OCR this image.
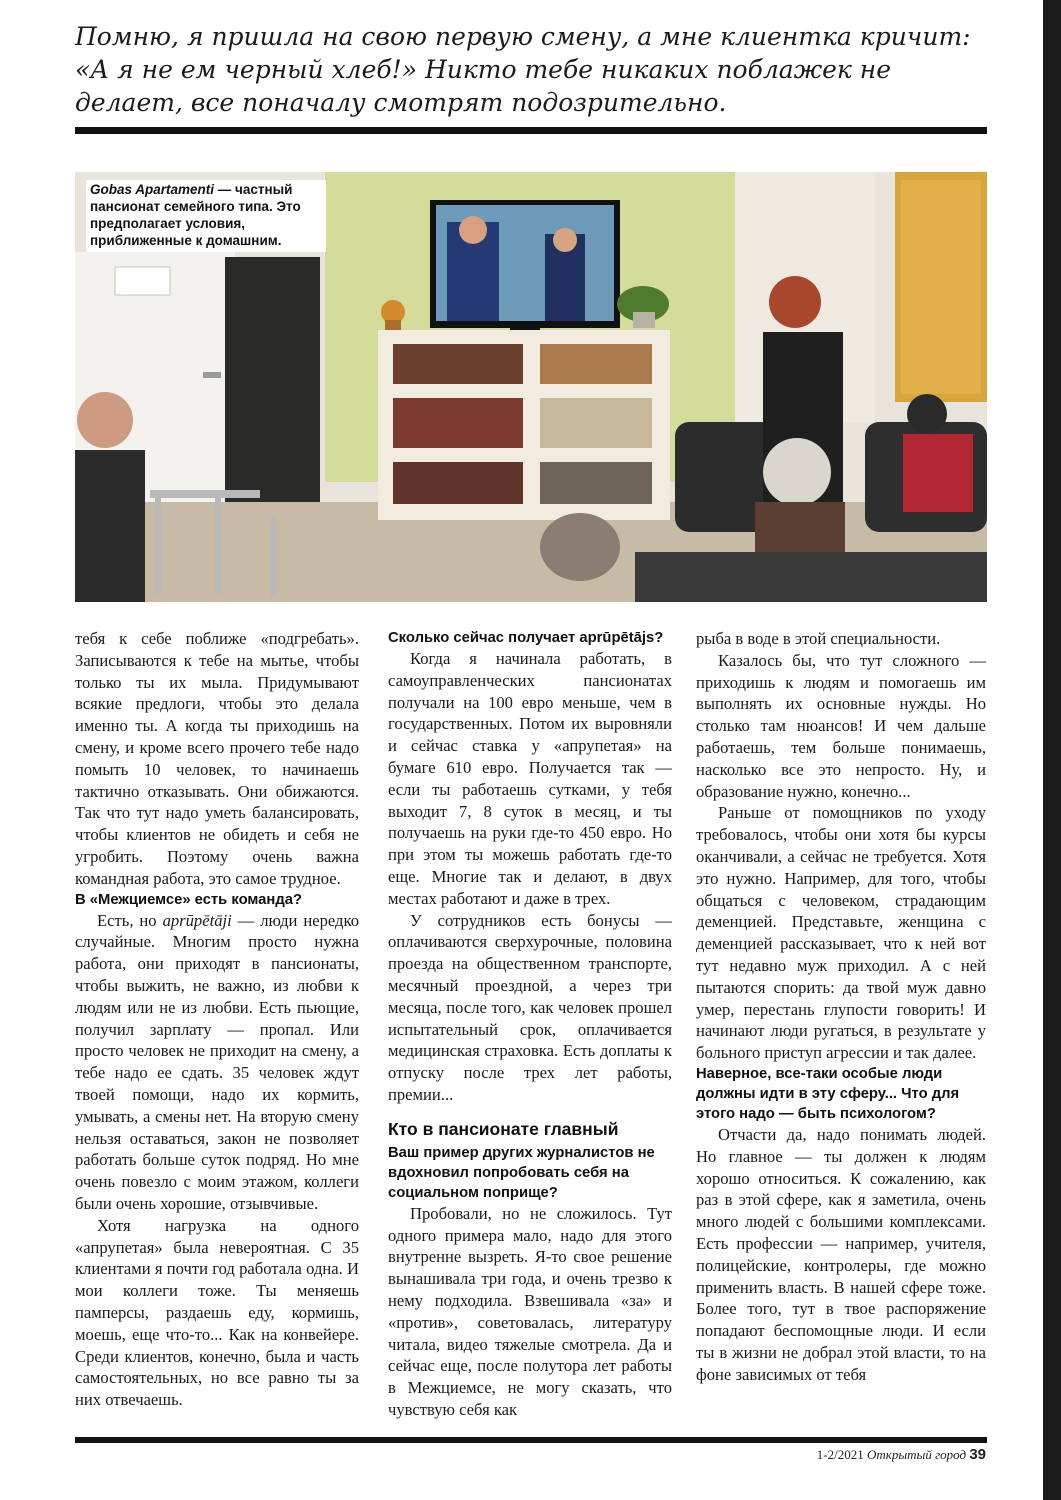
Помню, я пришла на свою первую смену, а мне клиентка кричит: «А я не ем черный хлеб!» Никто тебе никаких поблажек не делает, все поначалу смотрят подозрительно.
Gobas Apartamenti — частный пансионат семейного типа. Это предполагает условия, приближенные к домашним.

тебя к себе поближе «подгребать». Записываются к тебе на мытье, чтобы только ты их мыла. Придумывают всякие предлоги, чтобы это делала именно ты. А когда ты приходишь на смену, и кроме всего прочего тебе надо помыть 10 человек, то начинаешь тактично отказывать. Они обижаются. Так что тут надо уметь балансировать, чтобы клиентов не обидеть и себя не угробить. Поэтому очень важна командная работа, это самое трудное.

В «Межциемсе» есть команда?

Есть, но aprūpētāji — люди нередко случайные. Многим просто нужна работа, они приходят в пансионаты, чтобы выжить, не важно, из любви к людям или не из любви. Есть пьющие, получил зарплату — пропал. Или просто человек не приходит на смену, а тебе надо ее сдать. 35 человек ждут твоей помощи, надо их кормить, умывать, а смены нет. На вторую смену нельзя оставаться, закон не позволяет работать больше суток подряд. Но мне очень повезло с моим этажом, коллеги были очень хорошие, отзывчивые.

Хотя нагрузка на одного «апрупетая» была невероятная. С 35 клиентами я почти год работала одна. И мои коллеги тоже. Ты меняешь памперсы, раздаешь еду, кормишь, моешь, еще что-то... Как на конвейере. Среди клиентов, конечно, была и часть самостоятельных, но все равно ты за них отвечаешь.

Сколько сейчас получает aprūpētājs?

Когда я начинала работать, в самоуправленческих пансионатах получали на 100 евро меньше, чем в государственных. Потом их выровняли и сейчас ставка у «апрупетая» на бумаге 610 евро. Получается так — если ты работаешь сутками, у тебя выходит 7, 8 суток в месяц, и ты получаешь на руки где-то 450 евро. Но при этом ты можешь работать где-то еще. Многие так и делают, в двух местах работают и даже в трех.

У сотрудников есть бонусы — оплачиваются сверхурочные, половина проезда на общественном транспорте, месячный проездной, а через три месяца, после того, как человек прошел испытательный срок, оплачивается медицинская страховка. Есть доплаты к отпуску после трех лет работы, премии...

Кто в пансионате главный
Ваш пример других журналистов не вдохновил попробовать себя на социальном поприще?

Пробовали, но не сложилось. Тут одного примера мало, надо для этого внутренне вызреть. Я-то свое решение вынашивала три года, и очень трезво к нему подходила. Взвешивала «за» и «против», советовалась, литературу читала, видео тяжелые смотрела. Да и сейчас еще, после полутора лет работы в Межциемсе, не могу сказать, что чувствую себя как

рыба в воде в этой специальности.

Казалось бы, что тут сложного — приходишь к людям и помогаешь им выполнять их основные нужды. Но столько там нюансов! И чем дальше работаешь, тем больше понимаешь, насколько все это непросто. Ну, и образование нужно, конечно...

Раньше от помощников по уходу требовалось, чтобы они хотя бы курсы оканчивали, а сейчас не требуется. Хотя это нужно. Например, для того, чтобы общаться с человеком, страдающим деменцией. Представьте, женщина с деменцией рассказывает, что к ней вот тут недавно муж приходил. А с ней пытаются спорить: да твой муж давно умер, перестань глупости говорить! И начинают люди ругаться, в результате у больного приступ агрессии и так далее.

Наверное, все-таки особые люди должны идти в эту сферу... Что для этого надо — быть психологом?

Отчасти да, надо понимать людей. Но главное — ты должен к людям хорошо относиться. К сожалению, как раз в этой сфере, как я заметила, очень много людей с большими комплексами. Есть профессии — например, учителя, полицейские, контролеры, где можно применить власть. В нашей сфере тоже. Более того, тут в твое распоряжение попадают беспомощные люди. И если ты в жизни не добрал этой власти, то на фоне зависимых от тебя

1-2/2021 Открытый город 39
